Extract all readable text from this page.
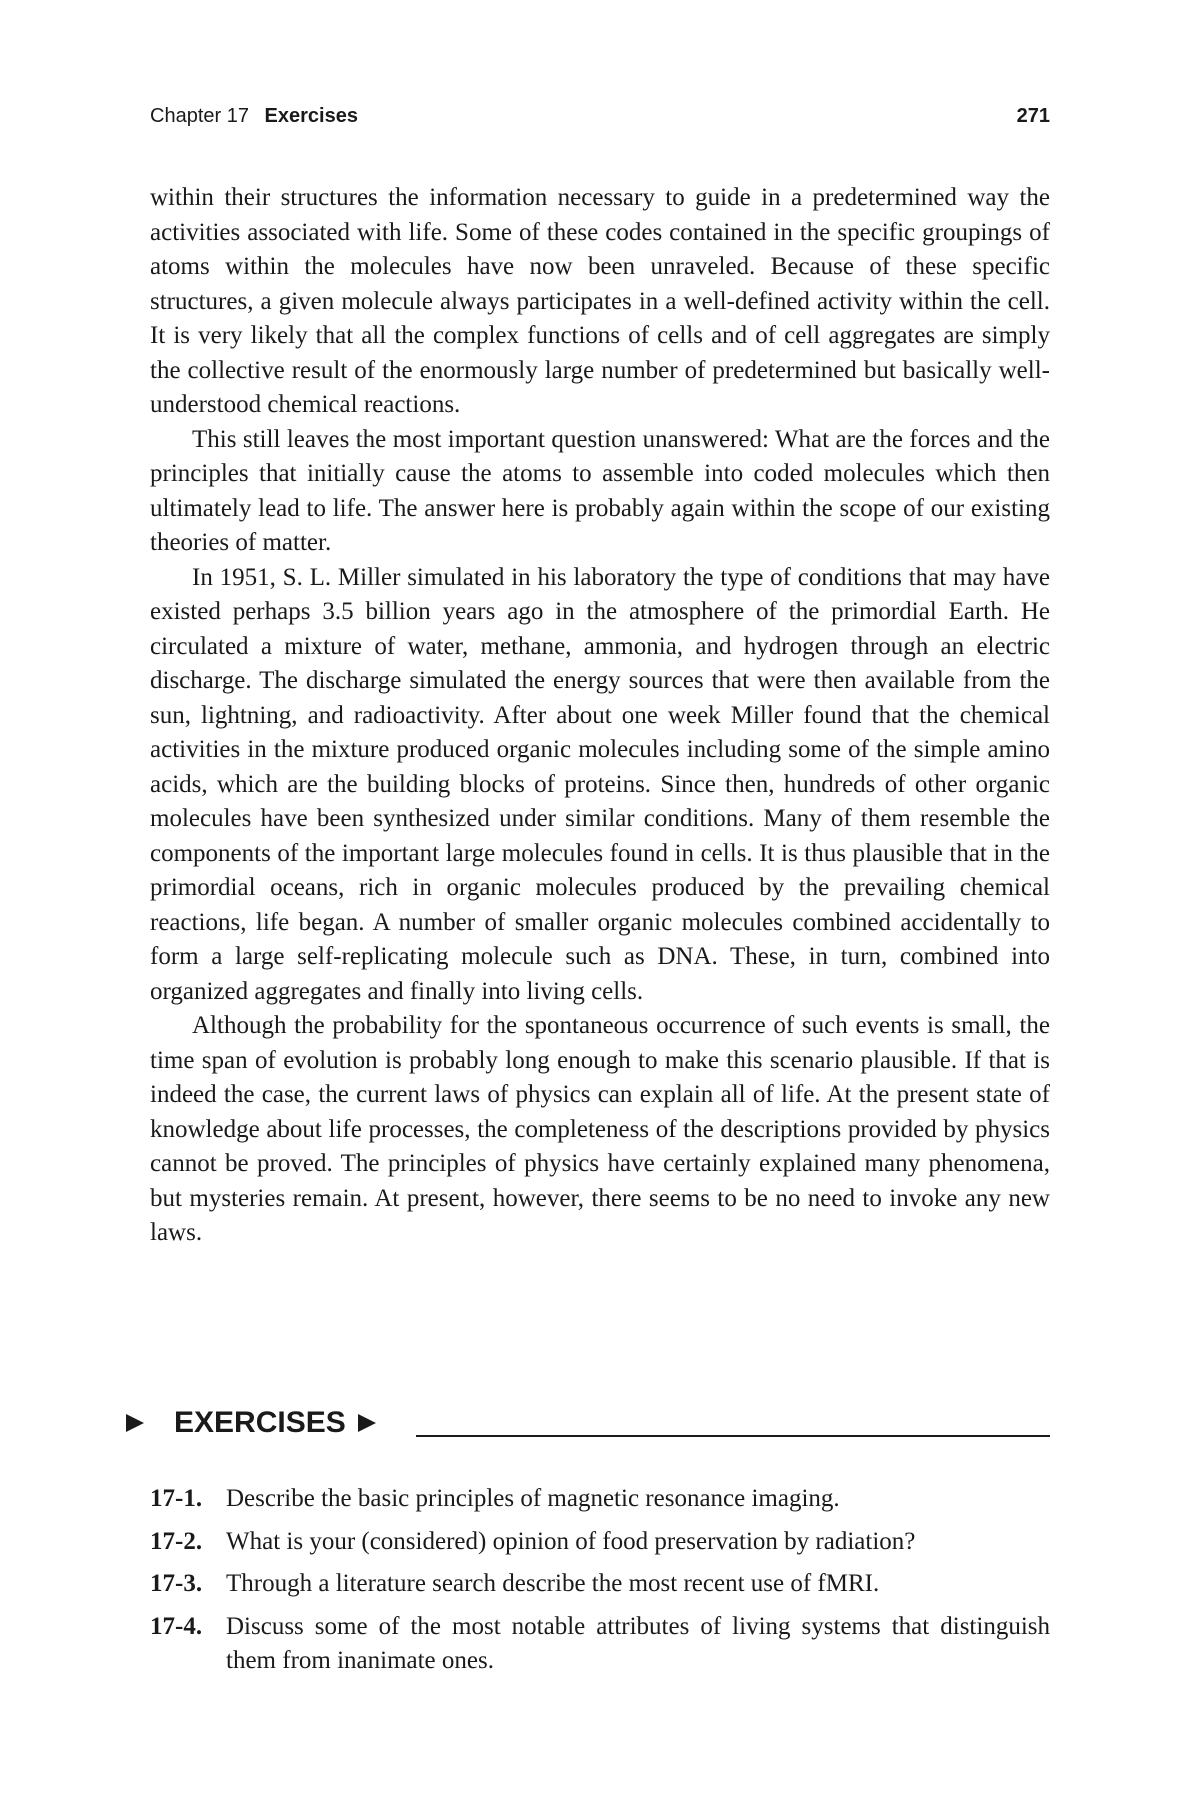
Chapter 17 Exercises	271

within their structures the information necessary to guide in a predetermined way the activities associated with life. Some of these codes contained in the specific groupings of atoms within the molecules have now been unraveled. Because of these specific structures, a given molecule always participates in a well-defined activity within the cell. It is very likely that all the complex functions of cells and of cell aggregates are simply the collective result of the enormously large number of predetermined but basically well-understood chemical reactions.

This still leaves the most important question unanswered: What are the forces and the principles that initially cause the atoms to assemble into coded molecules which then ultimately lead to life. The answer here is probably again within the scope of our existing theories of matter.

In 1951, S. L. Miller simulated in his laboratory the type of conditions that may have existed perhaps 3.5 billion years ago in the atmosphere of the primordial Earth. He circulated a mixture of water, methane, ammonia, and hydrogen through an electric discharge. The discharge simulated the energy sources that were then available from the sun, lightning, and radioactivity. After about one week Miller found that the chemical activities in the mixture produced organic molecules including some of the simple amino acids, which are the building blocks of proteins. Since then, hundreds of other organic molecules have been synthesized under similar conditions. Many of them resemble the components of the important large molecules found in cells. It is thus plausible that in the primordial oceans, rich in organic molecules produced by the prevailing chemical reactions, life began. A number of smaller organic molecules combined accidentally to form a large self-replicating molecule such as DNA. These, in turn, combined into organized aggregates and finally into living cells.

Although the probability for the spontaneous occurrence of such events is small, the time span of evolution is probably long enough to make this scenario plausible. If that is indeed the case, the current laws of physics can explain all of life. At the present state of knowledge about life processes, the completeness of the descriptions provided by physics cannot be proved. The principles of physics have certainly explained many phenomena, but mysteries remain. At present, however, there seems to be no need to invoke any new laws.

EXERCISES
17-1. Describe the basic principles of magnetic resonance imaging.
17-2. What is your (considered) opinion of food preservation by radiation?
17-3. Through a literature search describe the most recent use of fMRI.
17-4. Discuss some of the most notable attributes of living systems that distinguish them from inanimate ones.
